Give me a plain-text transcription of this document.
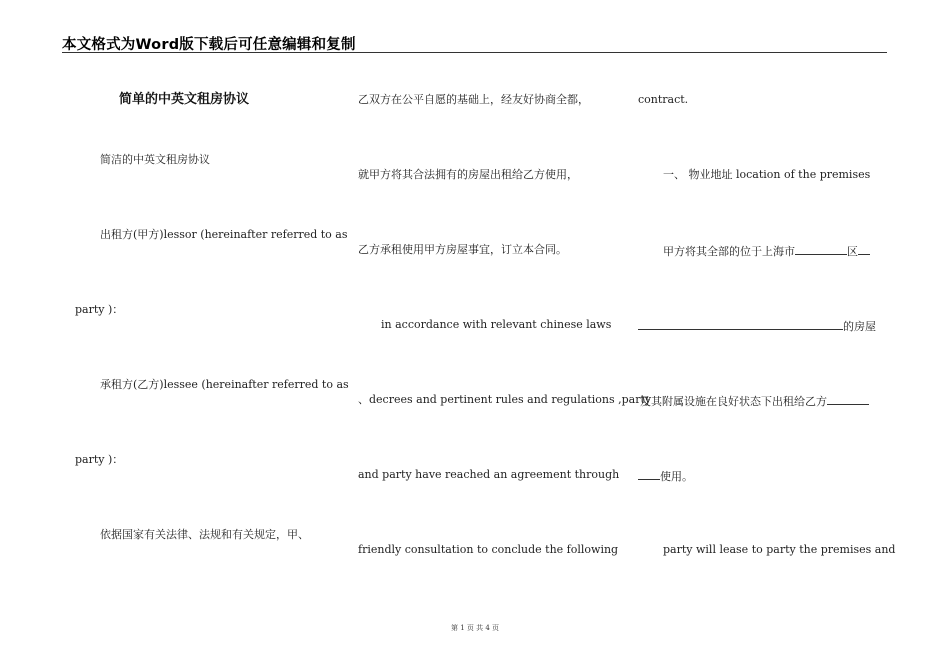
本文格式为Word版下载后可任意编辑和复制
简单的中英文租房协议
简洁的中英文租房协议
出租方(甲方)lessor (hereinafter referred to as
party )：
承租方(乙方)lessee (hereinafter referred to as
party )：
依据国家有关法律、法规和有关规定，甲、
乙双方在公平自愿的基础上，经友好协商全都，
就甲方将其合法拥有的房屋出租给乙方使用，
乙方承租使用甲方房屋事宜，订立本合同。
in accordance with relevant chinese laws
、decrees and pertinent rules and regulations ,party
and party have reached an agreement through
friendly consultation to conclude the following
contract.
一、 物业地址 location of the premises
甲方将其全部的位于上海市	区
的房屋
及其附属设施在良好状态下出租给乙方
使用。
party will lease to party the premises and
第 1 页 共 4 页
